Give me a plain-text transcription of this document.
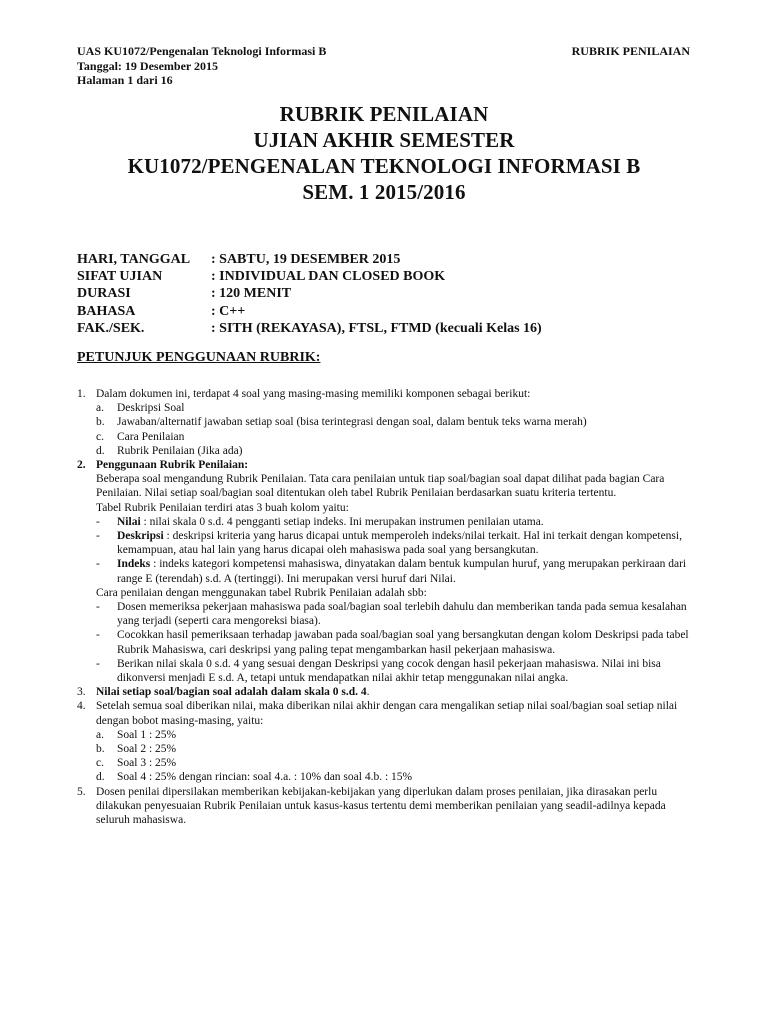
UAS KU1072/Pengenalan Teknologi Informasi B
Tanggal: 19 Desember 2015
Halaman 1 dari 16
RUBRIK PENILAIAN
RUBRIK PENILAIAN
UJIAN AKHIR SEMESTER
KU1072/PENGENALAN TEKNOLOGI INFORMASI B
SEM. 1 2015/2016
HARI, TANGGAL	: SABTU, 19 DESEMBER 2015
SIFAT UJIAN	: INDIVIDUAL DAN CLOSED BOOK
DURASI	: 120 MENIT
BAHASA	: C++
FAK./SEK.	: SITH (REKAYASA), FTSL, FTMD (kecuali Kelas 16)
PETUNJUK PENGGUNAAN RUBRIK:
1. Dalam dokumen ini, terdapat 4 soal yang masing-masing memiliki komponen sebagai berikut:

a.	Deskripsi Soal
b.	Jawaban/alternatif jawaban setiap soal (bisa terintegrasi dengan soal, dalam bentuk teks warna merah)
c.	Cara Penilaian
d.	Rubrik Penilaian (Jika ada)
2. Penggunaan Rubrik Penilaian:

Beberapa soal mengandung Rubrik Penilaian. Tata cara penilaian untuk tiap soal/bagian soal dapat dilihat pada bagian Cara Penilaian. Nilai setiap soal/bagian soal ditentukan oleh tabel Rubrik Penilaian berdasarkan suatu kriteria tertentu.

Tabel Rubrik Penilaian terdiri atas 3 buah kolom yaitu:

-	Nilai : nilai skala 0 s.d. 4 pengganti setiap indeks. Ini merupakan instrumen penilaian utama.
-	Deskripsi : deskripsi kriteria yang harus dicapai untuk memperoleh indeks/nilai terkait. Hal ini terkait dengan kompetensi, kemampuan, atau hal lain yang harus dicapai oleh mahasiswa pada soal yang bersangkutan.
-	Indeks : indeks kategori kompetensi mahasiswa, dinyatakan dalam bentuk kumpulan huruf, yang merupakan perkiraan dari range E (terendah) s.d. A (tertinggi). Ini merupakan versi huruf dari Nilai.

Cara penilaian dengan menggunakan tabel Rubrik Penilaian adalah sbb:

-	Dosen memeriksa pekerjaan mahasiswa pada soal/bagian soal terlebih dahulu dan memberikan tanda pada semua kesalahan yang terjadi (seperti cara mengoreksi biasa).
-	Cocokkan hasil pemeriksaan terhadap jawaban pada soal/bagian soal yang bersangkutan dengan kolom Deskripsi pada tabel Rubrik Mahasiswa, cari deskripsi yang paling tepat mengambarkan hasil pekerjaan mahasiswa.
-	Berikan nilai skala 0 s.d. 4 yang sesuai dengan Deskripsi yang cocok dengan hasil pekerjaan mahasiswa. Nilai ini bisa dikonversi menjadi E s.d. A, tetapi untuk mendapatkan nilai akhir tetap menggunakan nilai angka.
3. Nilai setiap soal/bagian soal adalah dalam skala 0 s.d. 4.
4. Setelah semua soal diberikan nilai, maka diberikan nilai akhir dengan cara mengalikan setiap nilai soal/bagian soal setiap nilai dengan bobot masing-masing, yaitu:

a.	Soal 1 : 25%
b.	Soal 2 : 25%
c.	Soal 3 : 25%
d.	Soal 4 : 25% dengan rincian: soal 4.a. : 10% dan soal 4.b. : 15%
5. Dosen penilai dipersilakan memberikan kebijakan-kebijakan yang diperlukan dalam proses penilaian, jika dirasakan perlu dilakukan penyesuaian Rubrik Penilaian untuk kasus-kasus tertentu demi memberikan penilaian yang seadil-adilnya kepada seluruh mahasiswa.
